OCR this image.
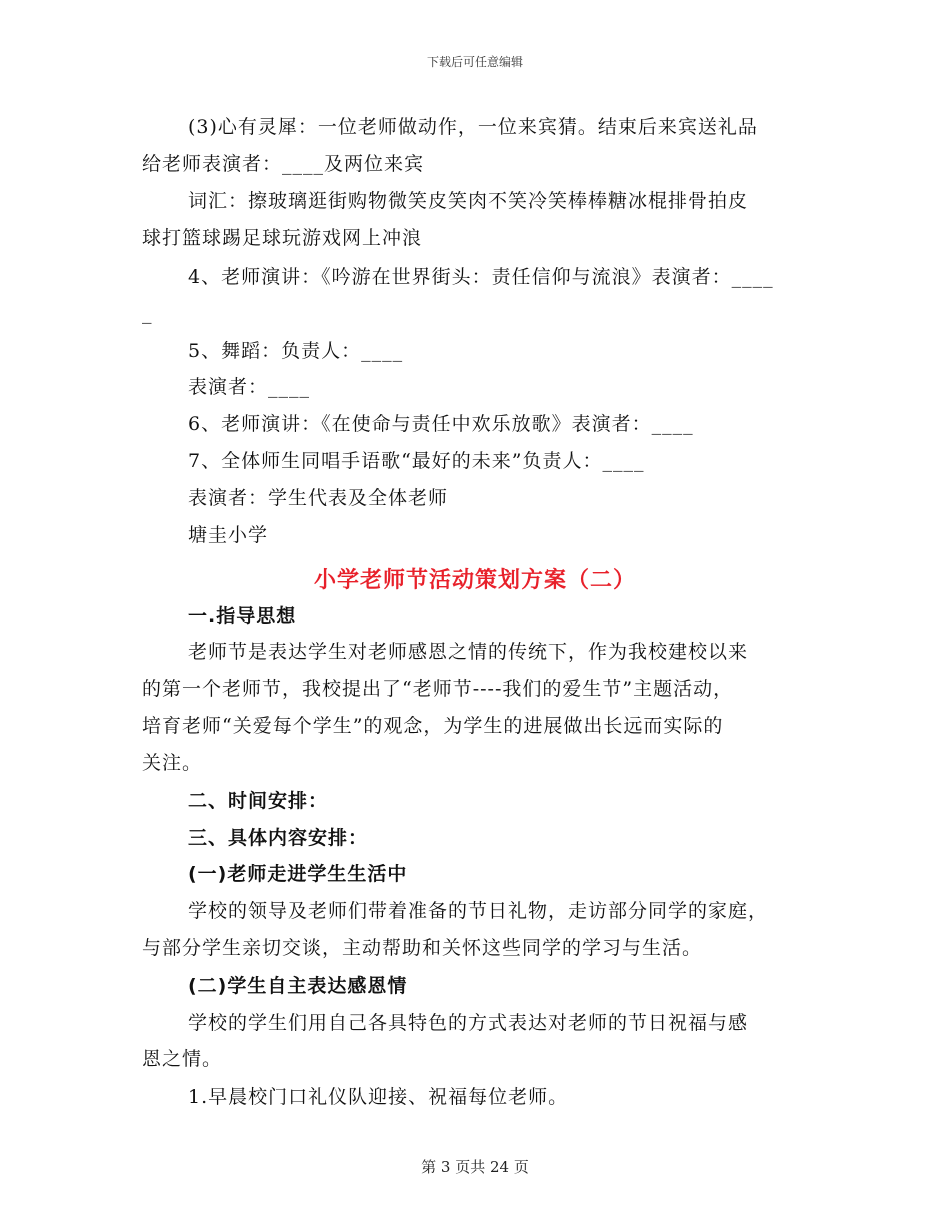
下载后可任意编辑
(3)心有灵犀：一位老师做动作，一位来宾猜。结束后来宾送礼品
给老师表演者：____及两位来宾
词汇：擦玻璃逛街购物微笑皮笑肉不笑冷笑棒棒糖冰棍排骨拍皮
球打篮球踢足球玩游戏网上冲浪
4、老师演讲：《吟游在世界街头：责任信仰与流浪》表演者：____
_
5、舞蹈：负责人：____
表演者：____
6、老师演讲：《在使命与责任中欢乐放歌》表演者：____
7、全体师生同唱手语歌“最好的未来”负责人：____
表演者：学生代表及全体老师
塘圭小学
小学老师节活动策划方案（二）
一.指导思想
老师节是表达学生对老师感恩之情的传统下，作为我校建校以来
的第一个老师节，我校提出了“老师节----我们的爱生节”主题活动，
培育老师“关爱每个学生”的观念，为学生的进展做出长远而实际的
关注。
二、时间安排：
三、具体内容安排：
(一)老师走进学生生活中
学校的领导及老师们带着准备的节日礼物，走访部分同学的家庭，
与部分学生亲切交谈，主动帮助和关怀这些同学的学习与生活。
(二)学生自主表达感恩情
学校的学生们用自己各具特色的方式表达对老师的节日祝福与感
恩之情。
1.早晨校门口礼仪队迎接、祝福每位老师。
第 3 页共 24 页
